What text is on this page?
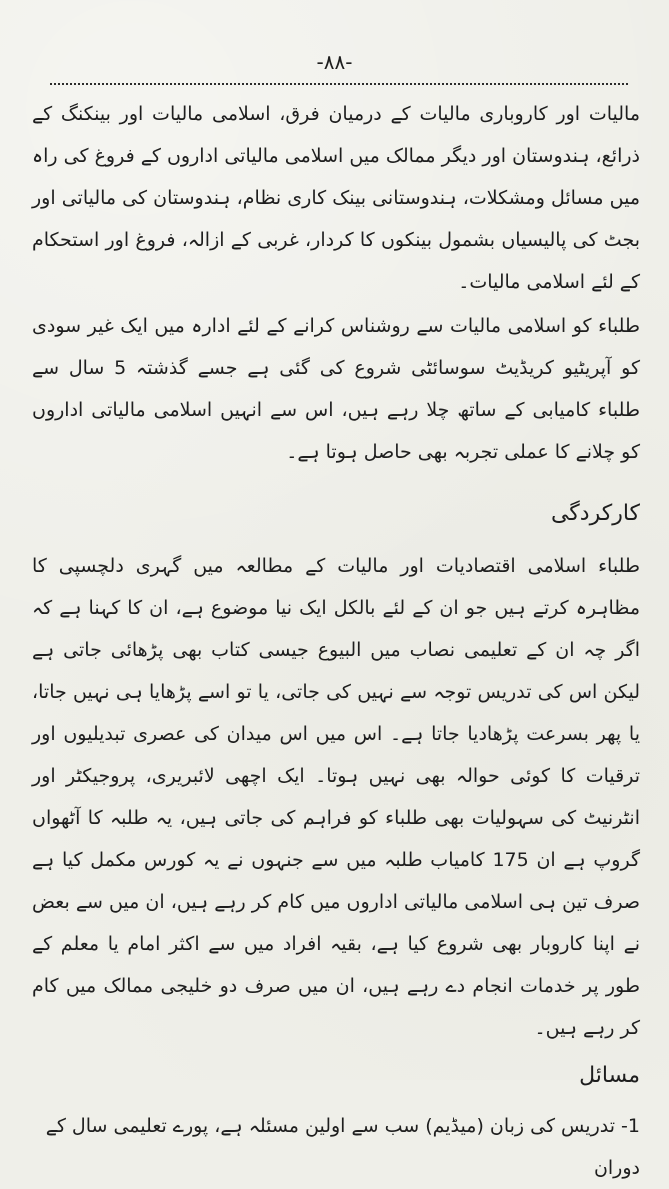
-۸۸-

مالیات اور کاروباری مالیات کے درمیان فرق، اسلامی مالیات اور بینکنگ کے ذرائع، ہندوستان اور دیگر ممالک میں اسلامی مالیاتی اداروں کے فروغ کی راہ میں مسائل ومشکلات، ہندوستانی بینک کاری نظام، ہندوستان کی مالیاتی اور بجٹ کی پالیسیاں بشمول بینکوں کا کردار، غربی کے ازالہ، فروغ اور استحکام کے لئے اسلامی مالیات۔

طلباء کو اسلامی مالیات سے روشناس کرانے کے لئے ادارہ میں ایک غیر سودی کو آپریٹیو کریڈیٹ سوسائٹی شروع کی گئی ہے جسے گذشتہ 5 سال سے طلباء کامیابی کے ساتھ چلا رہے ہیں، اس سے انہیں اسلامی مالیاتی اداروں کو چلانے کا عملی تجربہ بھی حاصل ہوتا ہے۔

کارکردگی

طلباء اسلامی اقتصادیات اور مالیات کے مطالعہ میں گہری دلچسپی کا مظاہرہ کرتے ہیں جو ان کے لئے بالکل ایک نیا موضوع ہے، ان کا کہنا ہے کہ اگر چہ ان کے تعلیمی نصاب میں البیوع جیسی کتاب بھی پڑھائی جاتی ہے لیکن اس کی تدریس توجہ سے نہیں کی جاتی، یا تو اسے پڑھایا ہی نہیں جاتا، یا پھر بسرعت پڑھادیا جاتا ہے۔ اس میں اس میدان کی عصری تبدیلیوں اور ترقیات کا کوئی حوالہ بھی نہیں ہوتا۔ ایک اچھی لائبریری، پروجیکٹر اور انٹرنیٹ کی سہولیات بھی طلباء کو فراہم کی جاتی ہیں، یہ طلبہ کا آٹھواں گروپ ہے ان 175 کامیاب طلبہ میں سے جنہوں نے یہ کورس مکمل کیا ہے صرف تین ہی اسلامی مالیاتی اداروں میں کام کر رہے ہیں، ان میں سے بعض نے اپنا کاروبار بھی شروع کیا ہے، بقیہ افراد میں سے اکثر امام یا معلم کے طور پر خدمات انجام دے رہے ہیں، ان میں صرف دو خلیجی ممالک میں کام کر رہے ہیں۔

مسائل

1- تدریس کی زبان (میڈیم) سب سے اولین مسئلہ ہے، پورے تعلیمی سال کے دوران
